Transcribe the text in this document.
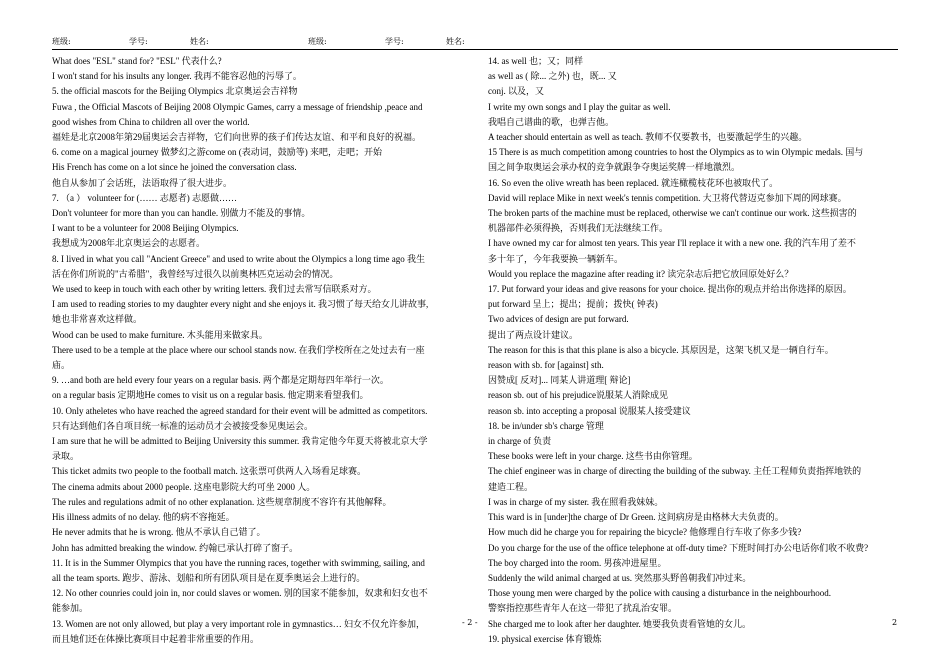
班级:	学号:	姓名:	班级:	学号:	姓名:
What does "ESL" stand for? "ESL" 代表什么?
I won't stand for his insults any longer. 我再不能容忍他的污辱了。
5. the official mascots for the Beijing Olympics 北京奥运会吉祥物
Fuwa , the Official Mascots of Beijing 2008 Olympic Games, carry a message of friendship ,peace and
good wishes from China to children all over the world.
福娃是北京2008年第29届奥运会吉祥物，它们向世界的孩子们传达友谊、和平和良好的祝福。
6. come on a magical journey 做梦幻之游come on (表动词，鼓励等) 来吧，走吧；开始
His French has come on a lot since he joined the conversation class.
他自从参加了会话班，法语取得了很大进步。
7. （a ） volunteer for (…… 志愿者) 志愿做……
Don't volunteer for more than you can handle. 别做力不能及的事情。
I want to be a volunteer for 2008 Beijing Olympics.
我想成为2008年北京奥运会的志愿者。
8. I lived in what you call "Ancient Greece" and used to write about the Olympics a long time ago 我生
活在你们所说的"古希腊"，我曾经写过很久以前奥林匹克运动会的情况。
We used to keep in touch with each other by writing letters. 我们过去常写信联系对方。
I am used to reading stories to my daughter every night and she enjoys it. 我习惯了每天给女儿讲故事,
她也非常喜欢这样做。
Wood can be used to make furniture. 木头能用来做家具。
There used to be a temple at the place where our school stands now. 在我们学校所在之处过去有一座
庙。
9. …and both are held every four years on a regular basis. 两个都是定期每四年举行一次。
on a regular basis 定期地He comes to visit us on a regular basis. 他定期来看望我们。
10. Only atheletes who have reached the agreed standard for their event will be admitted as competitors.
只有达到他们各自项目统一标准的运动员才会被接受参见奥运会。
I am sure that he will be admitted to Beijing University this summer. 我肯定他今年夏天将被北京大学
录取。
This ticket admits two people to the football match. 这张票可供两人入场看足球赛。
The cinema admits about 2000 people. 这座电影院大约可坐 2000 人。
The rules and regulations admit of no other explanation. 这些规章制度不容许有其他解释。
His illness admits of no delay. 他的病不容拖延。
He never admits that he is wrong. 他从不承认自己错了。
John has admitted breaking the window. 约翰已承认打碎了窗子。
11. It is in the Summer Olympics that you have the running races, together with swimming, sailing, and
all the team sports. 跑步、游泳、划船和所有团队项目是在夏季奥运会上进行的。
12. No other counries could join in, nor could slaves or women. 别的国家不能参加，奴隶和妇女也不
能参加。
13. Women are not only allowed, but play a very important role in gymnastics… 妇女不仅允许参加，
而且她们还在体操比赛项目中起着非常重要的作用。
14. as well 也；又；同样
as well as ( 除... 之外) 也，既... 又
conj. 以及，又
I write my own songs and I play the guitar as well.
我唱自己谱曲的歌，也弹吉他。
A teacher should entertain as well as teach. 教师不仅要教书，也要激起学生的兴趣。
15 There is as much competition among countries to host the Olympics as to win Olympic medals. 国与
国之间争取奥运会承办权的竞争就跟争夺奥运奖牌一样地激烈。
16. So even the olive wreath has been replaced. 就连橄榄枝花环也被取代了。
David will replace Mike in next week's tennis competition. 大卫将代替迈克参加下周的网球赛。
The broken parts of the machine must be replaced, otherwise we can't continue our work. 这些损害的
机器部件必须得换，否则我们无法继续工作。
I have owned my car for almost ten years. This year I'll replace it with a new one. 我的汽车用了差不
多十年了，今年我要换一辆新车。
Would you replace the magazine after reading it? 读完杂志后把它放回原处好么？
17. Put forward your ideas and give reasons for your choice. 提出你的观点并给出你选择的原因。
put forward 呈上；提出；提前；拨快( 钟表)
Two advices of design are put forward.
提出了两点设计建议。
The reason for this is that this plane is also a bicycle. 其原因是，这架飞机又是一辆自行车。
reason with sb. for [against] sth.
因赞成[ 反对]... 同某人讲道理[ 辩论]
reason sb. out of his prejudice说服某人消除成见
reason sb. into accepting a proposal 说服某人接受建议
18. be in/under sb's charge 管理
in charge of 负责
These books were left in your charge. 这些书由你管理。
The chief engineer was in charge of directing the building of the subway. 主任工程师负责指挥地铁的
建造工程。
I was in charge of my sister. 我在照看我妹妹。
This ward is in [under]the charge of Dr Green. 这间病房是由格林大夫负责的。
How much did he charge you for repairing the bicycle? 他修理自行车收了你多少钱?
Do you charge for the use of the office telephone at off-duty time? 下班时间打办公电话你们收不收费?
The boy charged into the room. 男孩冲进屋里。
Suddenly the wild animal charged at us. 突然那头野兽朝我们冲过来。
Those young men were charged by the police with causing a disturbance in the neighbourhood.
警察指控那些青年人在这一带犯了扰乱治安罪。
She charged me to look after her daughter. 她要我负责看管她的女儿。
19. physical exercise 体育锻炼
- 2 -	2
